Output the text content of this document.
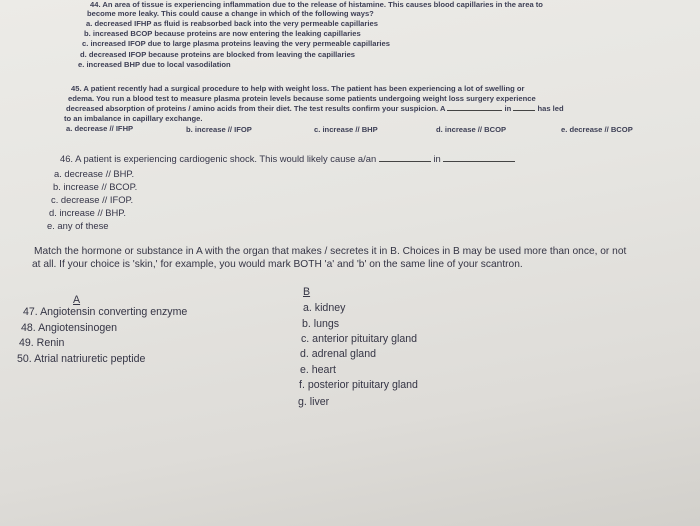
44. An area of tissue is experiencing inflammation due to the release of histamine. This causes blood capillaries in the area to
become more leaky. This could cause a change in which of the following ways?
a. decreased IFHP as fluid is reabsorbed back into the very permeable capillaries
b. increased BCOP because proteins are now entering the leaking capillaries
c. increased IFOP due to large plasma proteins leaving the very permeable capillaries
d. decreased IFOP because proteins are blocked from leaving the capillaries
e. increased BHP due to local vasodilation
45. A patient recently had a surgical procedure to help with weight loss. The patient has been experiencing a lot of swelling or
edema. You run a blood test to measure plasma protein levels because some patients undergoing weight loss surgery experience
decreased absorption of proteins / amino acids from their diet. The test results confirm your suspicion. A	in	has led
to an imbalance in capillary exchange.
a. decrease // IFHP	b. increase // IFOP	c. increase // BHP	d. increase // BCOP	e. decrease // BCOP
46. A patient is experiencing cardiogenic shock. This would likely cause a/an	in
a. decrease // BHP.
b. increase // BCOP.
c. decrease // IFOP.
d. increase // BHP.
e. any of these
Match the hormone or substance in A with the organ that makes / secretes it in B. Choices in B may be used more than once, or not
at all. If your choice is 'skin,' for example, you would mark BOTH 'a' and 'b' on the same line of your scantron.
A
47. Angiotensin converting enzyme
48. Angiotensinogen
49. Renin
50. Atrial natriuretic peptide
B
a. kidney
b. lungs
c. anterior pituitary gland
d. adrenal gland
e. heart
f. posterior pituitary gland
g. liver
